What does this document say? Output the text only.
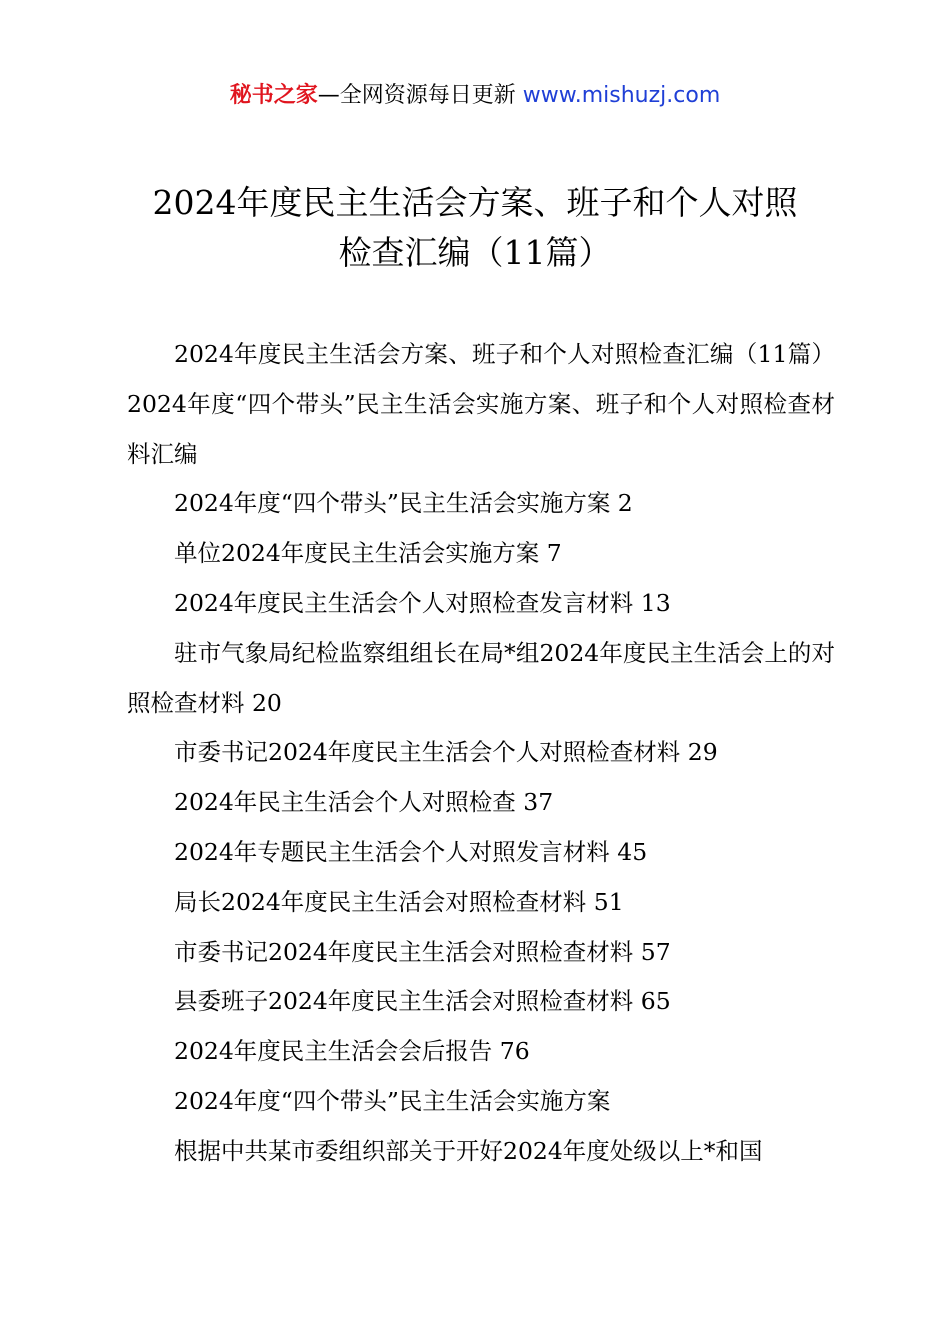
秘书之家—全网资源每日更新 www.mishuzj.com
2024年度民主生活会方案、班子和个人对照
检查汇编（11篇）

2024年度民主生活会方案、班子和个人对照检查汇编（11篇）2024年度“四个带头”民主生活会实施方案、班子和个人对照检查材料汇编

2024年度“四个带头”民主生活会实施方案 2

单位2024年度民主生活会实施方案 7

2024年度民主生活会个人对照检查发言材料 13

驻市气象局纪检监察组组长在局*组2024年度民主生活会上的对照检查材料 20

市委书记2024年度民主生活会个人对照检查材料 29

2024年民主生活会个人对照检查 37

2024年专题民主生活会个人对照发言材料 45

局长2024年度民主生活会对照检查材料 51

市委书记2024年度民主生活会对照检查材料 57

县委班子2024年度民主生活会对照检查材料 65

2024年度民主生活会会后报告 76

2024年度“四个带头”民主生活会实施方案

根据中共某市委组织部关于开好2024年度处级以上*和国
